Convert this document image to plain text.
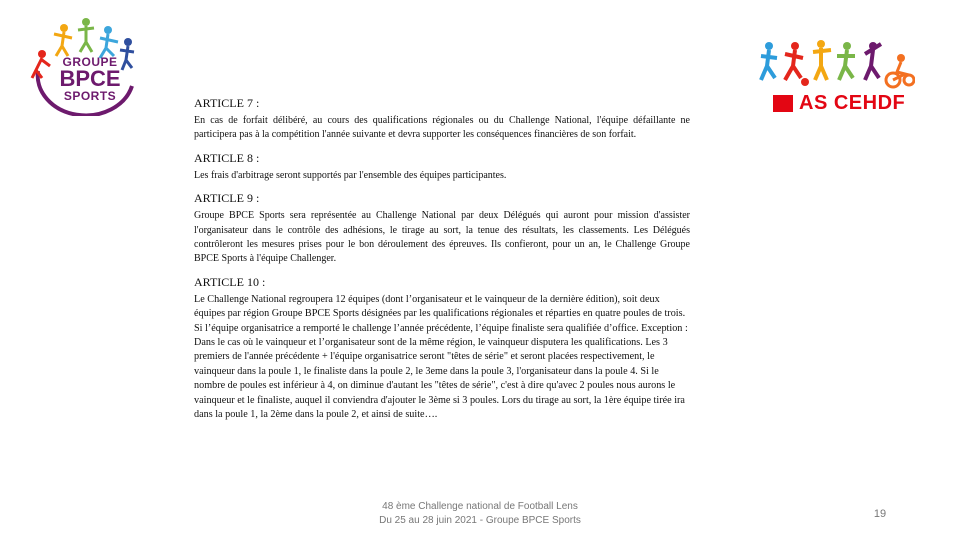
GROUPE
BPCE
SPORTS	AS CEHDF
ARTICLE 7 :

En cas de forfait délibéré, au cours des qualifications régionales ou du Challenge National, l'équipe défaillante ne participera pas à la compétition l'année suivante et devra supporter les conséquences financières de son forfait.

ARTICLE 8 :

Les frais d'arbitrage seront supportés par l'ensemble des équipes participantes.

ARTICLE 9 :

Groupe BPCE Sports sera représentée au Challenge National par deux Délégués qui auront pour mission d'assister l'organisateur dans le contrôle des adhésions, le tirage au sort, la tenue des résultats, les classements. Les Délégués contrôleront les mesures prises pour le bon déroulement des épreuves. Ils confieront, pour un an, le Challenge Groupe BPCE Sports à l'équipe Challenger.

ARTICLE 10 :

Le Challenge National regroupera 12 équipes (dont l’organisateur et le vainqueur de la dernière édition), soit deux équipes par région Groupe BPCE Sports désignées par les qualifications régionales et réparties en quatre poules de trois. Si l’équipe organisatrice a remporté le challenge l’année précédente, l’équipe finaliste sera qualifiée d’office. Exception : Dans le cas où le vainqueur et l’organisateur sont de la même région, le vainqueur disputera les qualifications. Les 3 premiers de l'année précédente + l'équipe organisatrice seront "têtes de série" et seront placées respectivement, le vainqueur dans la poule 1, le finaliste dans la poule 2, le 3eme dans la poule 3, l'organisateur dans la poule 4. Si le nombre de poules est inférieur à 4, on diminue d'autant les "têtes de série", c'est à dire qu'avec 2 poules nous aurons le vainqueur et le finaliste, auquel il conviendra d'ajouter le 3ème si 3 poules. Lors du tirage au sort, la 1ère équipe tirée ira dans la poule 1, la 2ème dans la poule 2, et ainsi de suite….

48 ème Challenge national de Football Lens
Du 25 au 28 juin 2021 - Groupe BPCE Sports
19
